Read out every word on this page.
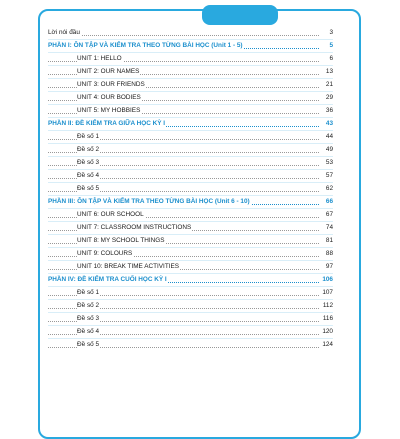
Lời nói đầu	3
PHẦN I: ÔN TẬP VÀ KIỂM TRA THEO TỪNG BÀI HỌC (Unit 1 - 5)	5
UNIT 1: HELLO	6
UNIT 2: OUR NAMES	13
UNIT 3: OUR FRIENDS	21
UNIT 4: OUR BODIES	29
UNIT 5: MY HOBBIES	36
PHẦN II: ĐỀ KIỂM TRA GIỮA HỌC KỲ I	43
Đề số 1	44
Đề số 2	49
Đề số 3	53
Đề số 4	57
Đề số 5	62
PHẦN III: ÔN TẬP VÀ KIỂM TRA THEO TỪNG BÀI HỌC (Unit 6 - 10)	66
UNIT 6: OUR SCHOOL	67
UNIT 7: CLASSROOM INSTRUCTIONS	74
UNIT 8: MY SCHOOL THINGS	81
UNIT 9: COLOURS	88
UNIT 10: BREAK TIME ACTIVITIES	97
PHẦN IV: ĐỀ KIỂM TRA CUỐI HỌC KỲ I	106
Đề số 1	107
Đề số 2	112
Đề số 3	116
Đề số 4	120
Đề số 5	124
